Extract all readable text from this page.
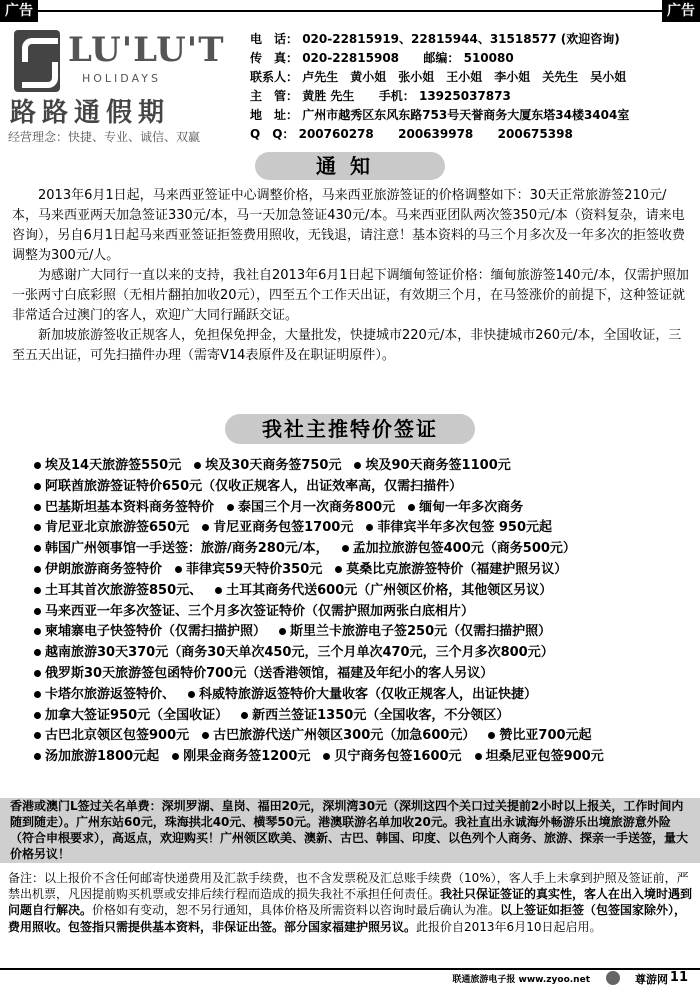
广告	广告
LU'LU'T
HOLIDAYS
路路通假期
经营理念：快捷、专业、诚信、双赢
电　话： 020-22815919、22815944、31518577 (欢迎咨询)
传　真： 020-22815908 邮编： 510080
联系人： 卢先生　黄小姐　张小姐　王小姐　李小姐　关先生　吴小姐
主　管： 黄胜 先生 手机： 13925037873
地　址： 广州市越秀区东风东路753号天誉商务大厦东塔34楼3404室
Q　Q： 200760278 200639978 200675398
通知

2013年6月1日起，马来西亚签证中心调整价格，马来西亚旅游签证的价格调整如下：30天正常旅游签210元/本，马来西亚两天加急签证330元/本，马一天加急签证430元/本。马来西亚团队两次签350元/本（资料复杂，请来电咨询），另自6月1日起马来西亚签证拒签费用照收，无钱退，请注意！基本资料的马三个月多次及一年多次的拒签收费调整为300元/人。

为感谢广大同行一直以来的支持，我社自2013年6月1日起下调缅甸签证价格：缅甸旅游签140元/本，仅需护照加一张两寸白底彩照（无相片翻拍加收20元），四至五个工作天出证，有效期三个月，在马签涨价的前提下，这种签证就非常适合过澳门的客人，欢迎广大同行踊跃交证。

新加坡旅游签收正规客人，免担保免押金，大量批发，快捷城市220元/本，非快捷城市260元/本，全国收证，三至五天出证，可先扫描件办理（需寄V14表原件及在职证明原件）。

我社主推特价签证
埃及14天旅游签550元  埃及30天商务签750元  埃及90天商务签1100元
阿联酋旅游签证特价650元（仅收正规客人，出证效率高，仅需扫描件）
巴基斯坦基本资料商务签特价  泰国三个月一次商务800元  缅甸一年多次商务
肯尼亚北京旅游签650元  肯尼亚商务包签1700元  菲律宾半年多次包签 950元起
韩国广州领事馆一手送签：旅游/商务280元/本，  孟加拉旅游包签400元（商务500元）
伊朗旅游商务签特价  菲律宾59天特价350元  莫桑比克旅游签特价（福建护照另议）
土耳其首次旅游签850元、  土耳其商务代送600元（广州领区价格，其他领区另议）
马来西亚一年多次签证、三个月多次签证特价（仅需护照加两张白底相片）
柬埔寨电子快签特价（仅需扫描护照）  斯里兰卡旅游电子签250元（仅需扫描护照）
越南旅游30天370元（商务30天单次450元，三个月单次470元，三个月多次800元）
俄罗斯30天旅游签包函特价700元（送香港领馆，福建及年纪小的客人另议）
卡塔尔旅游返签特价、  科威特旅游返签特价大量收客（仅收正规客人，出证快捷）
加拿大签证950元（全国收证）  新西兰签证1350元（全国收客，不分领区）
古巴北京领区包签900元  古巴旅游代送广州领区300元（加急600元）  赞比亚700元起
汤加旅游1800元起  刚果金商务签1200元  贝宁商务包签1600元  坦桑尼亚包签900元

香港或澳门L签过关名单费：深圳罗湖、皇岗、福田20元，深圳湾30元（深圳这四个关口过关提前2小时以上报关，工作时间内随到随走）。广州东站60元，珠海拱北40元、横琴50元。港澳联游名单加收20元。我社直出永诚海外畅游乐出境旅游意外险（符合申根要求），高返点，欢迎购买！广州领区欧美、澳新、古巴、韩国、印度、以色列个人商务、旅游、探亲一手送签，量大价格另议！

备注：以上报价不含任何邮寄快递费用及汇款手续费，也不含发票税及汇总账手续费（10%），客人手上未拿到护照及签证前，严禁出机票，凡因提前购买机票或安排后续行程而造成的损失我社不承担任何责任。我社只保证签证的真实性，客人在出入境时遇到问题自行解决。价格如有变动，恕不另行通知，具体价格及所需资料以咨询时最后确认为准。以上签证如拒签（包签国家除外），费用照收。包签指只需提供基本资料，非保证出签。部分国家福建护照另议。此报价自2013年6月10日起启用。
联通旅游电子报 www.zyoo.net	尊游网 11
